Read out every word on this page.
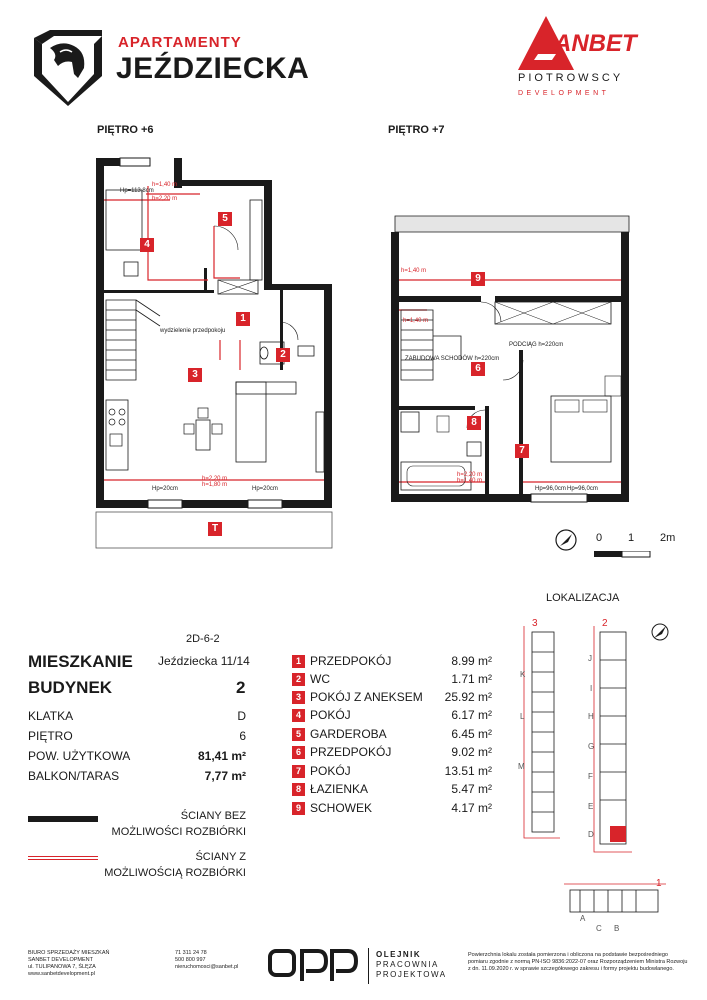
APARTAMENTY
JEŹDZIECKA
SANBET
PIOTROWSCY
DEVELOPMENT
PIĘTRO +6	PIĘTRO +7
Hp=113,8cm
h=1,40 m
h=2,20 m
wydzielenie przedpokoju
Hp=20cm	Hp=20cm
h=2,20 m
h=1,80 m
5
4
1
2
3
T
h=1,40 m
h=1,40 m
PODCIĄG h=220cm
ZABUDOWA SCHODÓW h=220cm
h=2,20 m
h=1,40 m
Hp=96,0cm Hp=96,0cm
9
6
8
7
0 1 2m
2D-6-2
MIESZKANIE Jeździecka 11/14
BUDYNEK	2
KLATKA	D
PIĘTRO	6
POW. UŻYTKOWA	81,41 m²
BALKON/TARAS	7,77 m²
1 PRZEDPOKÓJ	8.99 m²
2 WC	1.71 m²
3 POKÓJ Z ANEKSEM 25.92 m²
4 POKÓJ	6.17 m²
5 GARDEROBA	6.45 m²
6 PRZEDPOKÓJ	9.02 m²
7 POKÓJ	13.51 m²
8 ŁAZIENKA	5.47 m²
9 SCHOWEK	4.17 m²
ŚCIANY BEZ
MOŻLIWOŚCI ROZBIÓRKI
ŚCIANY Z
MOŻLIWOŚCIĄ ROZBIÓRKI
LOKALIZACJA
3	2
1
K
L
M
J
I
H
G
F
E
D
A
C B
BIURO SPRZEDAŻY MIESZKAŃ
SANBET DEVELOPMENT
ul. TULIPANOWA 7, ŚLĘZA
www.sanbetdevelopment.pl
71 311 24 78
500 800 997
nieruchomosci@sanbet.pl
OLEJNIK
PRACOWNIA
PROJEKTOWA
Powierzchnia lokalu została pomierzona i obliczona na podstawie bezpośredniego
pomiaru zgodnie z normą PN-ISO 9836:2022-07 oraz Rozporządzeniem Ministra Rozwoju
z dn. 11.09.2020 r. w sprawie szczegółowego zakresu i formy projektu budowlanego.
